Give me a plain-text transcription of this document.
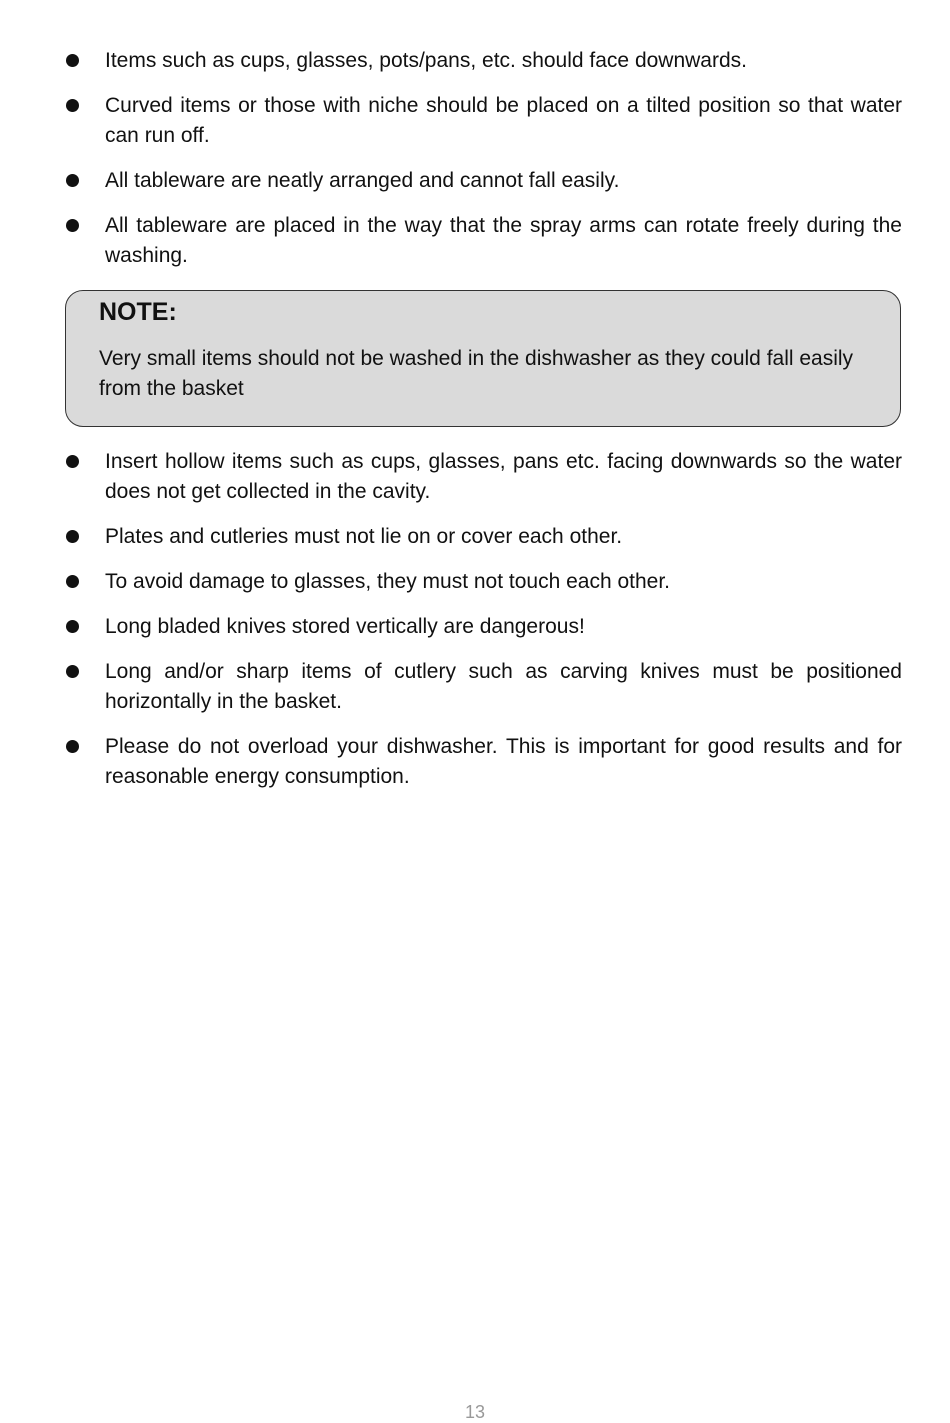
Items such as cups, glasses, pots/pans, etc. should face downwards.
Curved items or those with niche should be placed on a tilted position so that water can run off.
All tableware are neatly arranged and cannot fall easily.
All tableware are placed in the way that the spray arms can rotate freely during the washing.

NOTE:

Very small items should not be washed in the dishwasher as they could fall easily from the basket

Insert hollow items such as cups, glasses, pans etc. facing downwards so the water does not get collected in the cavity.
Plates and cutleries must not lie on or cover each other.
To avoid damage to glasses, they must not touch each other.
Long bladed knives stored vertically are dangerous!
Long and/or sharp items of cutlery such as carving knives must be positioned horizontally in the basket.
Please do not overload your dishwasher. This is important for good results and for reasonable energy consumption.
13
